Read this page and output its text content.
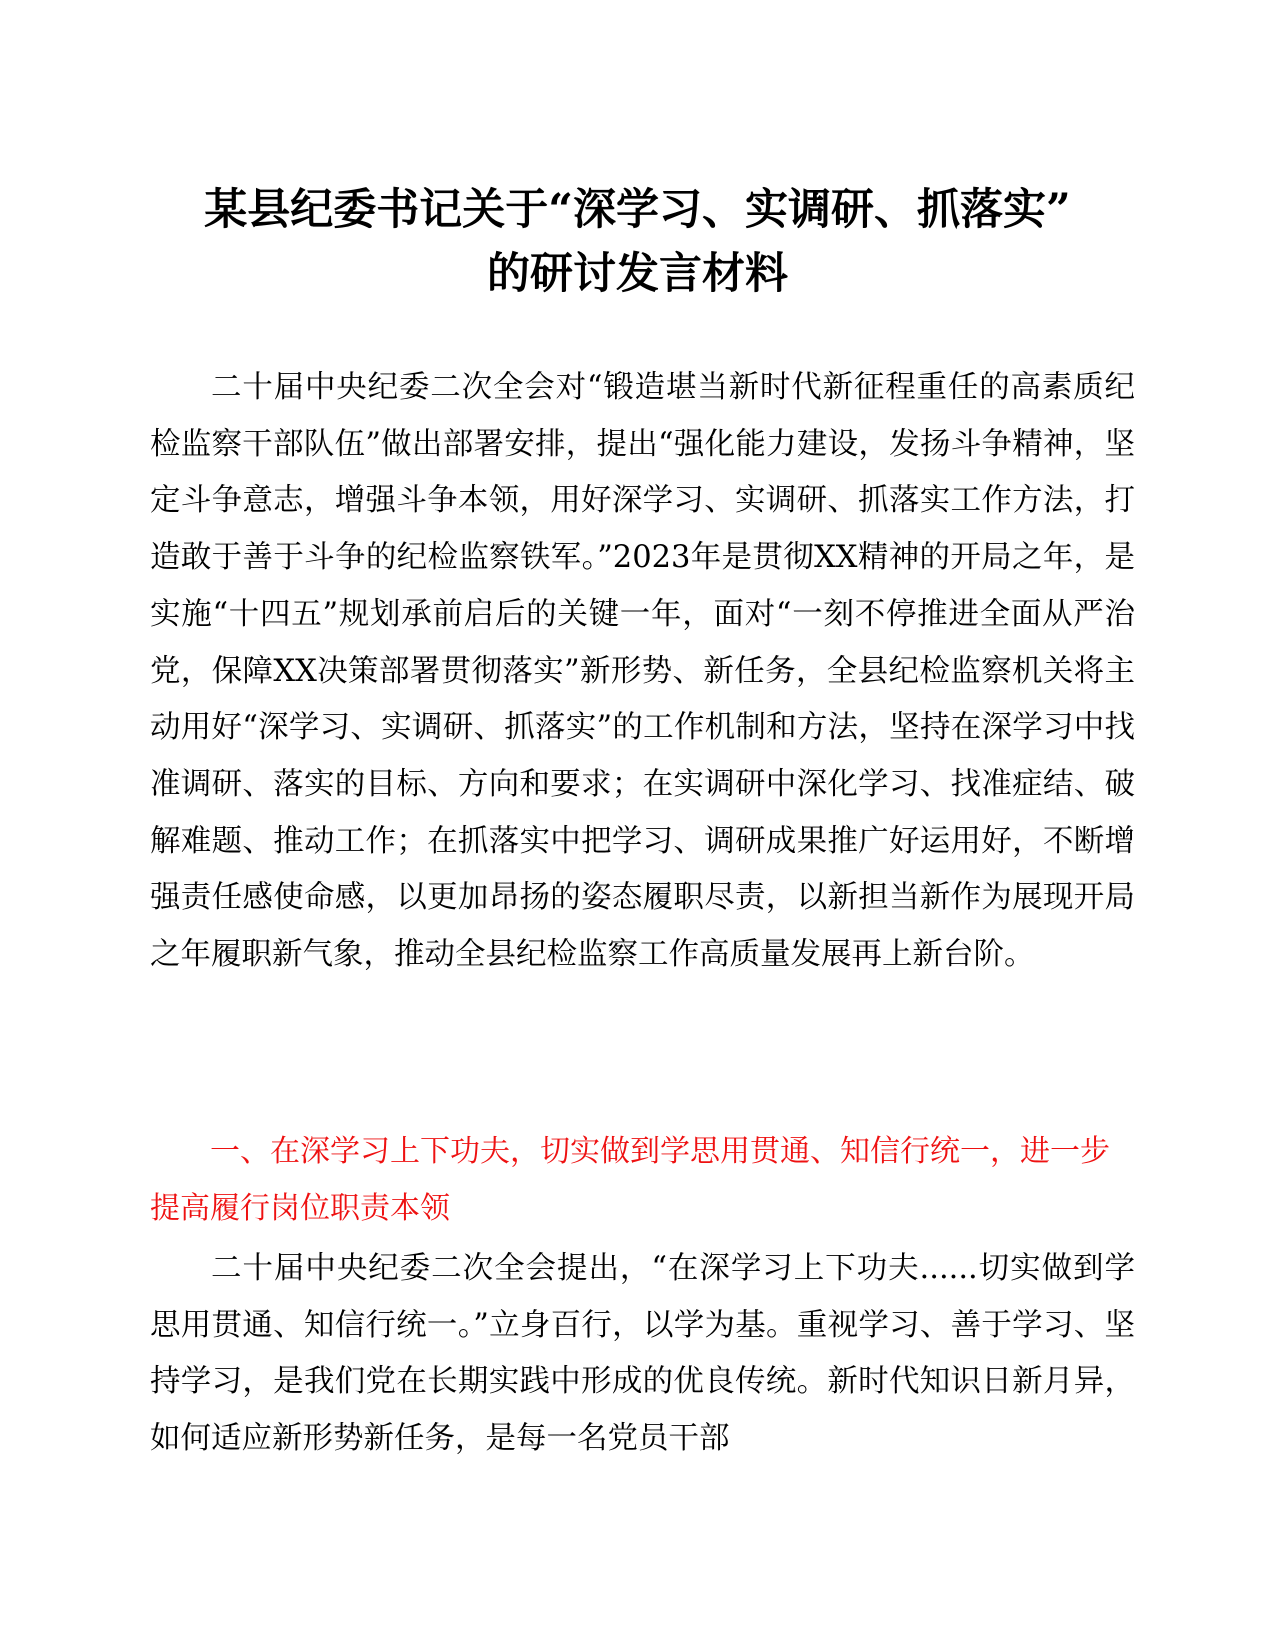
某县纪委书记关于“深学习、实调研、抓落实”
的研讨发言材料

二十届中央纪委二次全会对“锻造堪当新时代新征程重任的高素质纪检监察干部队伍”做出部署安排，提出“强化能力建设，发扬斗争精神，坚定斗争意志，增强斗争本领，用好深学习、实调研、抓落实工作方法，打造敢于善于斗争的纪检监察铁军。”2023年是贯彻XX精神的开局之年，是实施“十四五”规划承前启后的关键一年，面对“一刻不停推进全面从严治党，保障XX决策部署贯彻落实”新形势、新任务，全县纪检监察机关将主动用好“深学习、实调研、抓落实”的工作机制和方法，坚持在深学习中找准调研、落实的目标、方向和要求；在实调研中深化学习、找准症结、破解难题、推动工作；在抓落实中把学习、调研成果推广好运用好，不断增强责任感使命感，以更加昂扬的姿态履职尽责，以新担当新作为展现开局之年履职新气象，推动全县纪检监察工作高质量发展再上新台阶。

一、在深学习上下功夫，切实做到学思用贯通、知信行统一，进一步提高履行岗位职责本领

二十届中央纪委二次全会提出，“在深学习上下功夫......切实做到学思用贯通、知信行统一。”立身百行，以学为基。重视学习、善于学习、坚持学习，是我们党在长期实践中形成的优良传统。新时代知识日新月异，如何适应新形势新任务，是每一名党员干部
